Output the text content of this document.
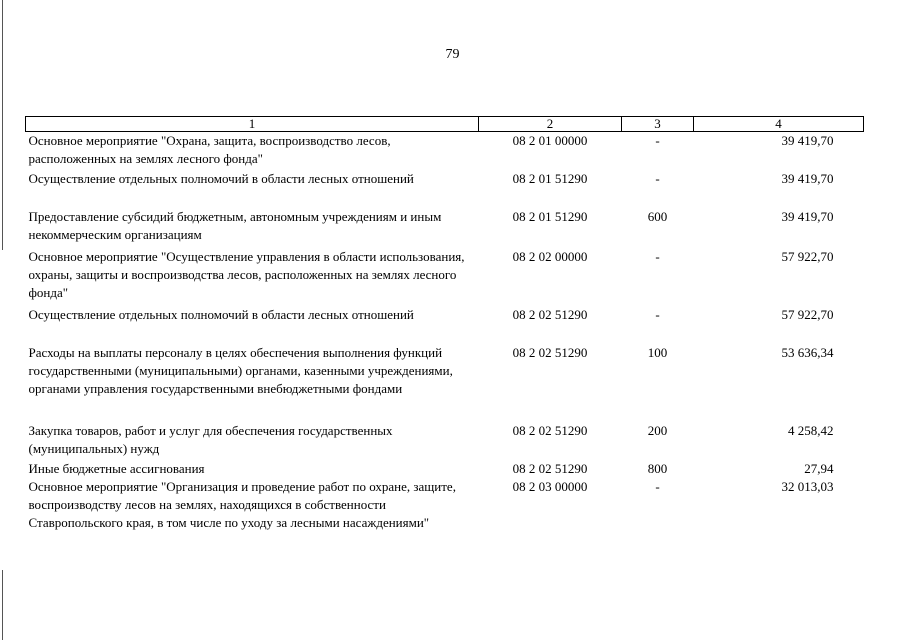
79
1	2	3	4
Основное мероприятие "Охрана, защита, воспроизводство лесов, расположенных на землях лесного фонда"	08 2 01 00000	-	39 419,70
Осуществление отдельных полномочий в области лесных отношений	08 2 01 51290	-	39 419,70
Предоставление субсидий бюджетным, автономным учреждениям и иным некоммерческим организациям	08 2 01 51290	600	39 419,70
Основное мероприятие "Осуществление управления в области использования, охраны, защиты и воспроизводства лесов, расположенных на землях лесного фонда"	08 2 02 00000	-	57 922,70
Осуществление отдельных полномочий в области лесных отношений	08 2 02 51290	-	57 922,70
Расходы на выплаты персоналу в целях обеспечения выполнения функций государственными (муниципальными) органами, казенными учреждениями, органами управления государственными внебюджетными фондами	08 2 02 51290	100	53 636,34
Закупка товаров, работ и услуг для обеспечения государственных (муниципальных) нужд	08 2 02 51290	200	4 258,42
Иные бюджетные ассигнования	08 2 02 51290	800	27,94
Основное мероприятие "Организация и проведение работ по охране, защите, воспроизводству лесов на землях, находящихся в собственности Ставропольского края, в том числе по уходу за лесными насаждениями"	08 2 03 00000	-	32 013,03
